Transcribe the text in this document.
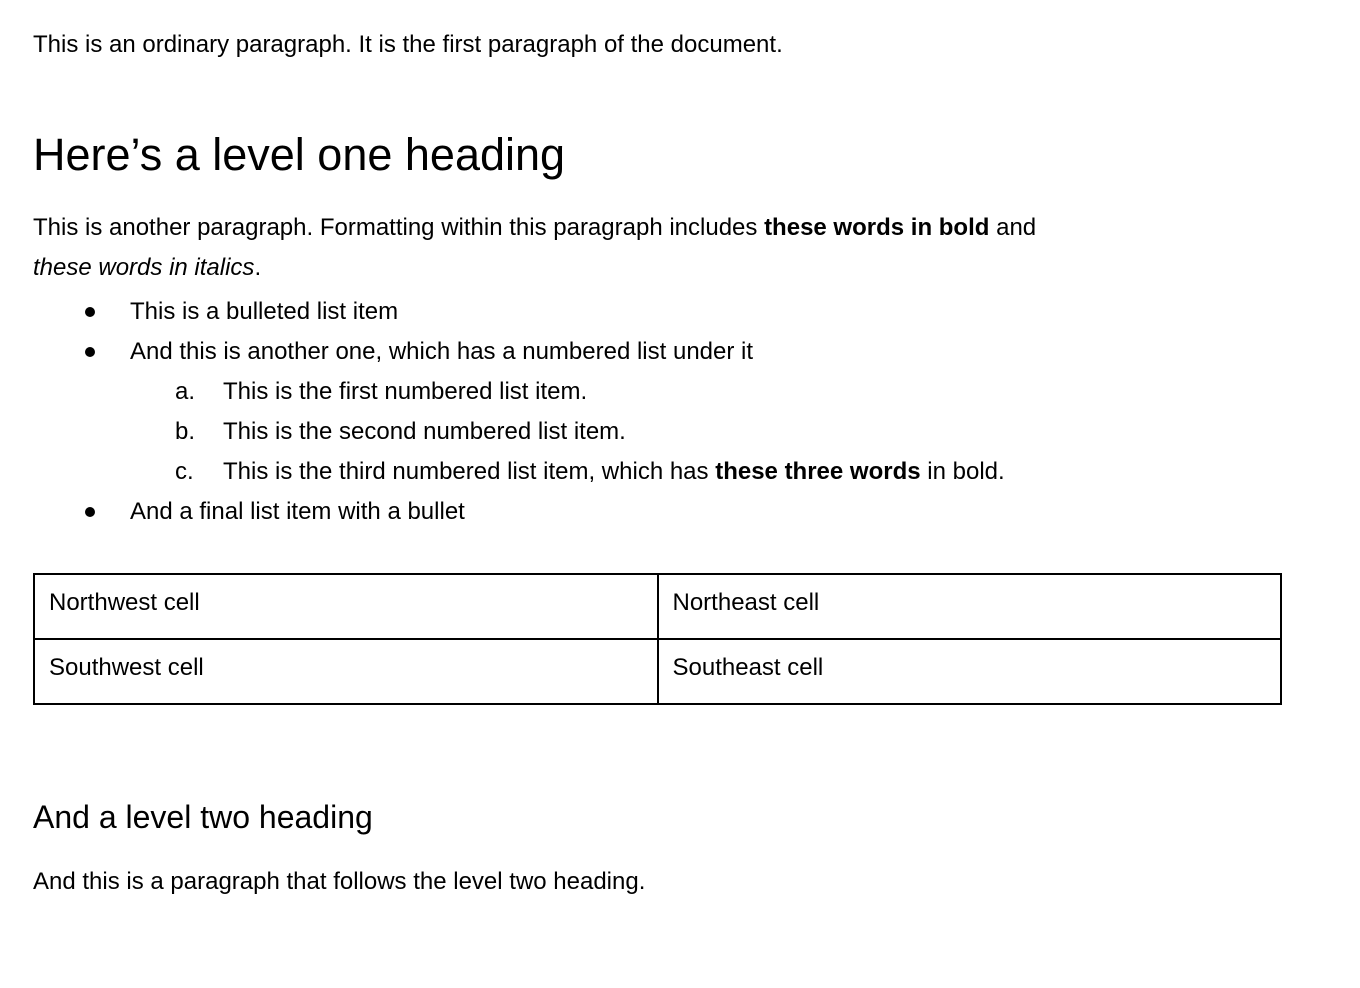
This is an ordinary paragraph. It is the first paragraph of the document.

Here’s a level one heading

This is another paragraph. Formatting within this paragraph includes these words in bold and
these words in italics.

This is a bulleted list item
And this is another one, which has a numbered list under it
a. This is the first numbered list item.
b. This is the second numbered list item.
c. This is the third numbered list item, which has these three words in bold.
And a final list item with a bullet
Northwest cell	Northeast cell
Southwest cell	Southeast cell
And a level two heading

And this is a paragraph that follows the level two heading.
